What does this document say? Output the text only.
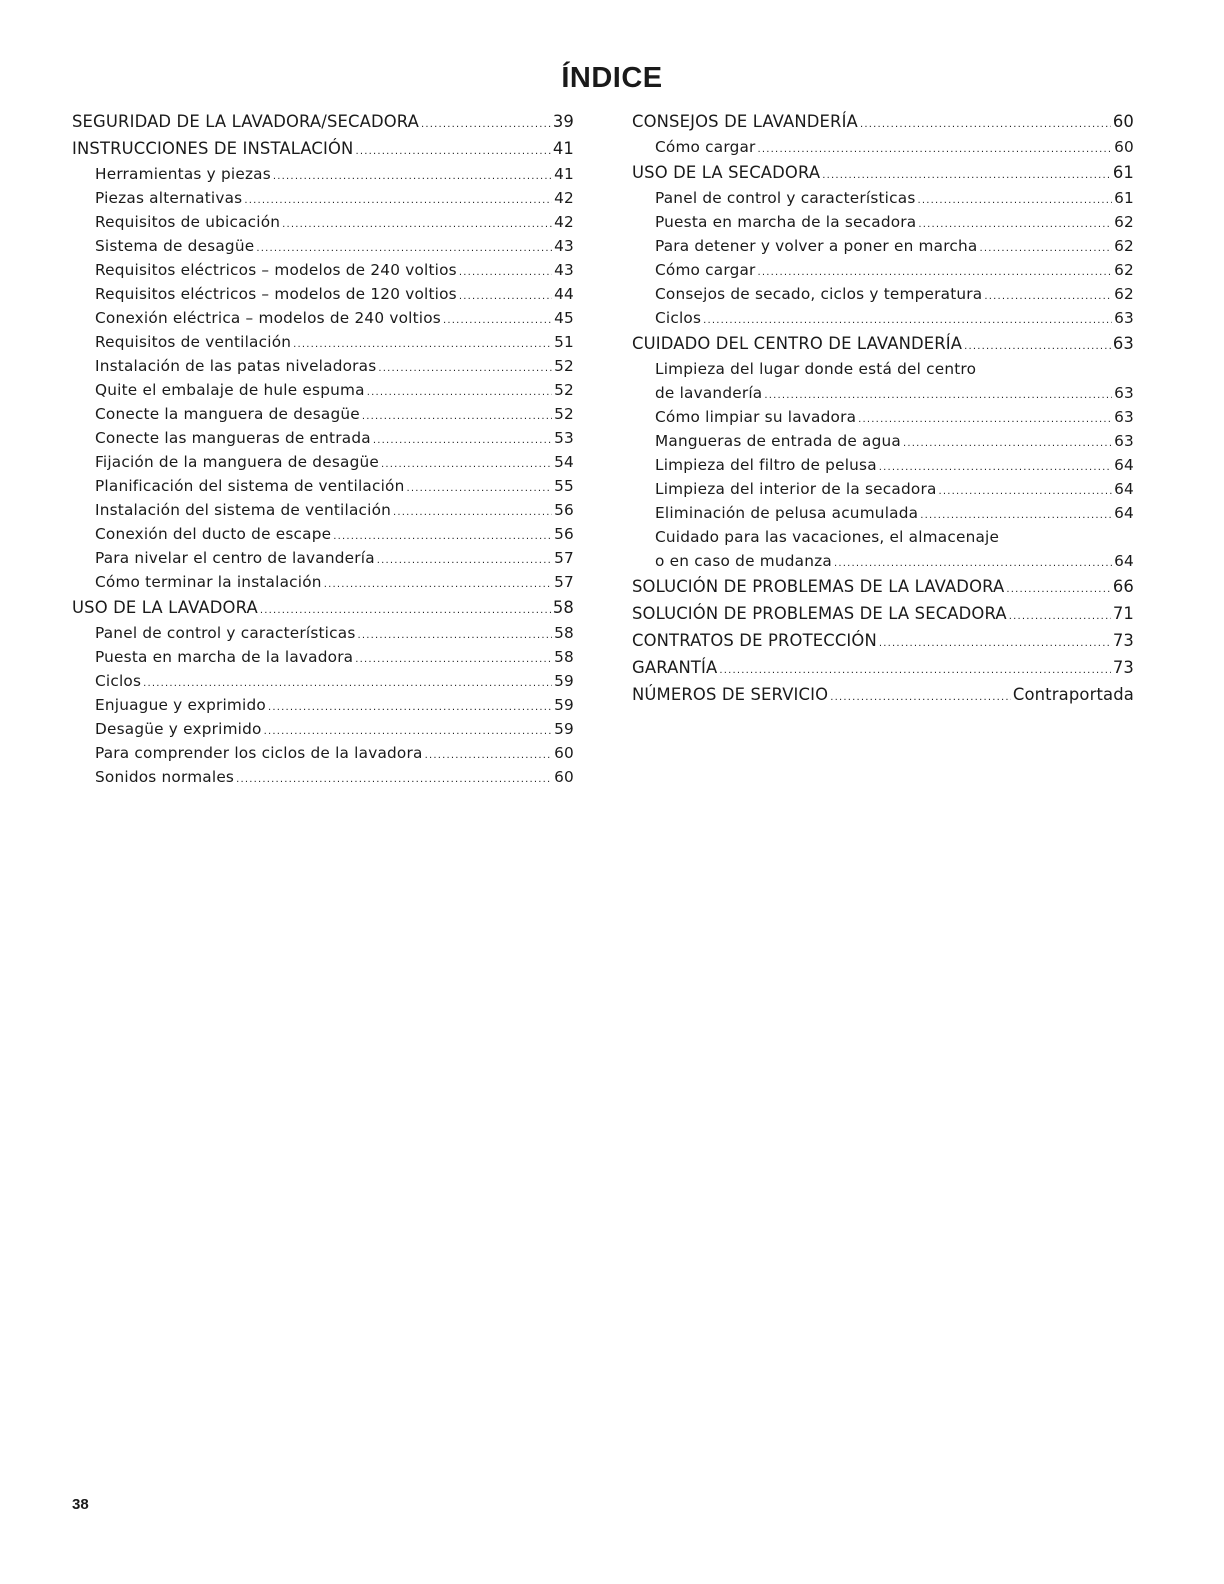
ÍNDICE
SEGURIDAD DE LA LAVADORA/SECADORA .....	39
INSTRUCCIONES DE INSTALACIÓN .....	41
Herramientas y piezas .....	41
Piezas alternativas .....	42
Requisitos de ubicación .....	42
Sistema de desagüe .....	43
Requisitos eléctricos – modelos de 240 voltios .....	43
Requisitos eléctricos – modelos de 120 voltios .....	44
Conexión eléctrica – modelos de 240 voltios .....	45
Requisitos de ventilación .....	51
Instalación de las patas niveladoras .....	52
Quite el embalaje de hule espuma .....	52
Conecte la manguera de desagüe .....	52
Conecte las mangueras de entrada .....	53
Fijación de la manguera de desagüe .....	54
Planificación del sistema de ventilación .....	55
Instalación del sistema de ventilación .....	56
Conexión del ducto de escape .....	56
Para nivelar el centro de lavandería .....	57
Cómo terminar la instalación .....	57
USO DE LA LAVADORA .....	58
Panel de control y características .....	58
Puesta en marcha de la lavadora .....	58
Ciclos .....	59
Enjuague y exprimido .....	59
Desagüe y exprimido .....	59
Para comprender los ciclos de la lavadora .....	60
Sonidos normales .....	60
CONSEJOS DE LAVANDERÍA .....	60
Cómo cargar .....	60
USO DE LA SECADORA .....	61
Panel de control y características .....	61
Puesta en marcha de la secadora .....	62
Para detener y volver a poner en marcha .....	62
Cómo cargar .....	62
Consejos de secado, ciclos y temperatura .....	62
Ciclos .....	63
CUIDADO DEL CENTRO DE LAVANDERÍA .....	63
Limpieza del lugar donde está del centro
de lavandería .....	63
Cómo limpiar su lavadora .....	63
Mangueras de entrada de agua .....	63
Limpieza del filtro de pelusa .....	64
Limpieza del interior de la secadora .....	64
Eliminación de pelusa acumulada .....	64
Cuidado para las vacaciones, el almacenaje
o en caso de mudanza .....	64
SOLUCIÓN DE PROBLEMAS DE LA LAVADORA .....	66
SOLUCIÓN DE PROBLEMAS DE LA SECADORA .....	71
CONTRATOS DE PROTECCIÓN .....	73
GARANTÍA .....	73
NÚMEROS DE SERVICIO .....	Contraportada
38
